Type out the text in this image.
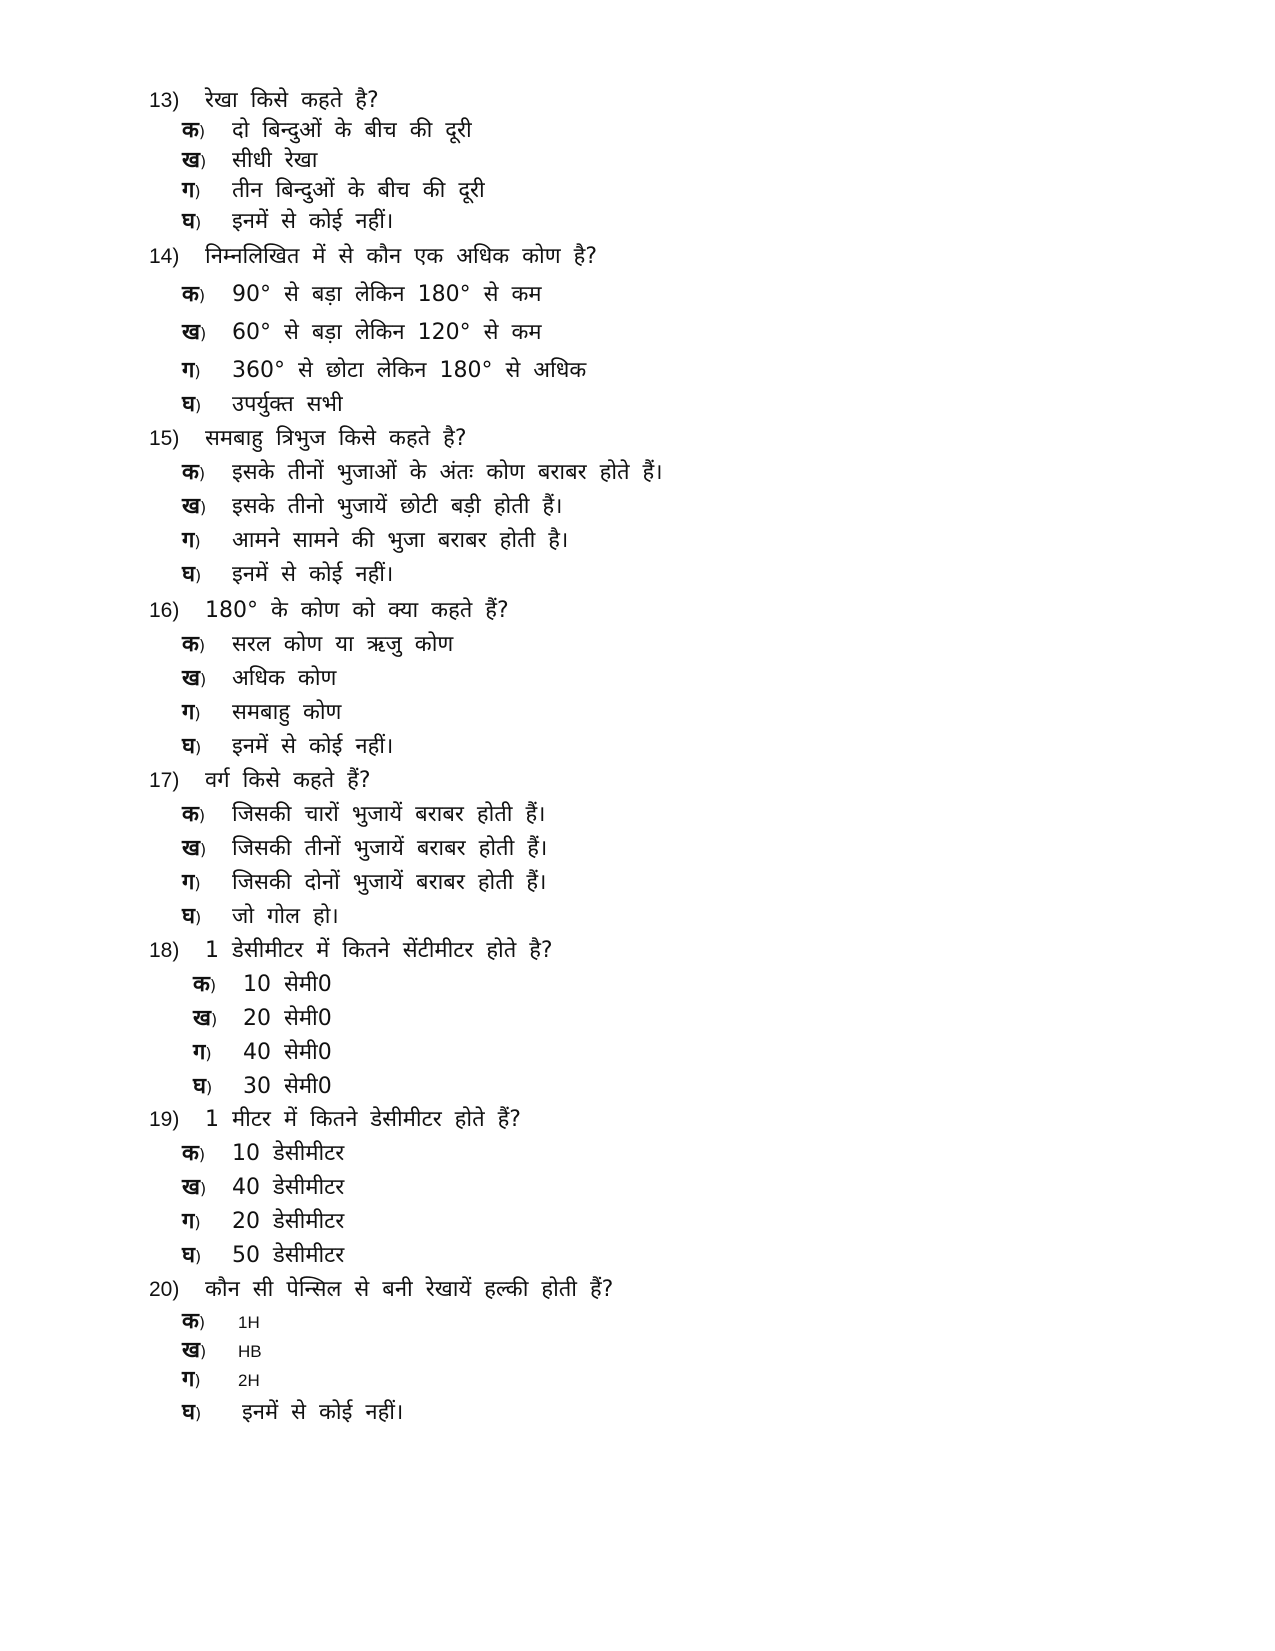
13) रेखा किसे कहते है?
क) दो बिन्दुओं के बीच की दूरी
ख) सीधी रेखा
ग) तीन बिन्दुओं के बीच की दूरी
घ) इनमें से कोई नहीं।
14) निम्नलिखित में से कौन एक अधिक कोण है?
क) 90° से बड़ा लेकिन 180° से कम
ख) 60° से बड़ा लेकिन 120° से कम
ग) 360° से छोटा लेकिन 180° से अधिक
घ) उपर्युक्त सभी
15) समबाहु त्रिभुज किसे कहते है?
क) इसके तीनों भुजाओं के अंतः कोण बराबर होते हैं।
ख) इसके तीनो भुजायें छोटी बड़ी होती हैं।
ग) आमने सामने की भुजा बराबर होती है।
घ) इनमें से कोई नहीं।
16) 180° के कोण को क्या कहते हैं?
क) सरल कोण या ऋजु कोण
ख) अधिक कोण
ग) समबाहु कोण
घ) इनमें से कोई नहीं।
17) वर्ग किसे कहते हैं?
क) जिसकी चारों भुजायें बराबर होती हैं।
ख) जिसकी तीनों भुजायें बराबर होती हैं।
ग) जिसकी दोनों भुजायें बराबर होती हैं।
घ) जो गोल हो।
18) 1 डेसीमीटर में कितने सेंटीमीटर होते है?
क) 10 सेमी0
ख) 20 सेमी0
ग) 40 सेमी0
घ) 30 सेमी0
19) 1 मीटर में कितने डेसीमीटर होते हैं?
क) 10 डेसीमीटर
ख) 40 डेसीमीटर
ग) 20 डेसीमीटर
घ) 50 डेसीमीटर
20) कौन सी पेन्सिल से बनी रेखायें हल्की होती हैं?
क) 1H
ख) HB
ग) 2H
घ) इनमें से कोई नहीं।
